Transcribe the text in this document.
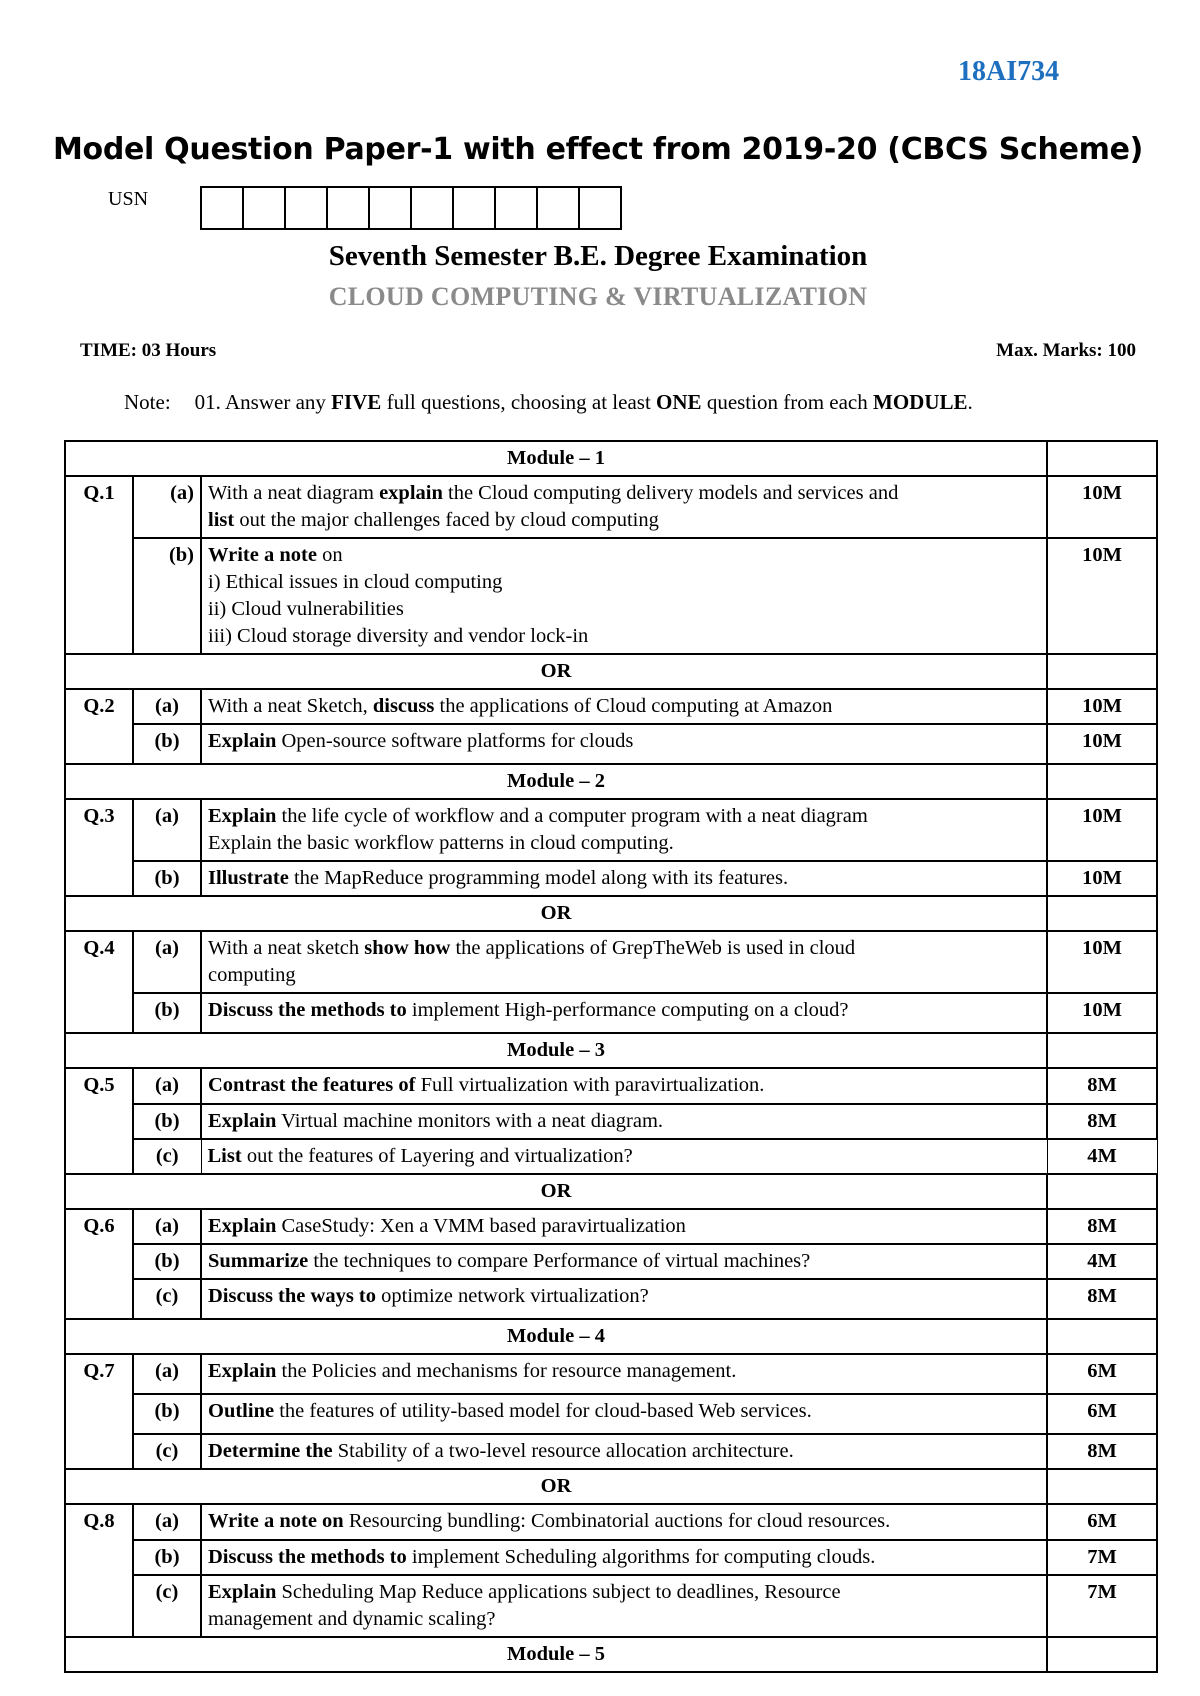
18AI734
Model Question Paper-1 with effect from 2019-20 (CBCS Scheme)
USN
Seventh Semester B.E. Degree Examination
CLOUD COMPUTING & VIRTUALIZATION
TIME: 03 Hours	Max. Marks: 100
Note: 01. Answer any FIVE full questions, choosing at least ONE question from each MODULE.
Module – 1			
Q.1	(a)	With a neat diagram explain the Cloud computing delivery models and services and
list out the major challenges faced by cloud computing	10M
	(b)	Write a note on
i) Ethical issues in cloud computing
ii) Cloud vulnerabilities
iii) Cloud storage diversity and vendor lock-in	10M
OR			
Q.2	(a)	With a neat Sketch, discuss the applications of Cloud computing at Amazon	10M
	(b)	Explain Open-source software platforms for clouds	10M
Module – 2			
Q.3	(a)	Explain the life cycle of workflow and a computer program with a neat diagram
Explain the basic workflow patterns in cloud computing.	10M
	(b)	Illustrate the MapReduce programming model along with its features.	10M
OR			
Q.4	(a)	With a neat sketch show how the applications of GrepTheWeb is used in cloud
computing	10M
	(b)	Discuss the methods to implement High-performance computing on a cloud?	10M
Module – 3			
Q.5	(a)	Contrast the features of Full virtualization with paravirtualization.	8M
	(b)	Explain Virtual machine monitors with a neat diagram.	8M
	(c)	List out the features of Layering and virtualization?	4M
OR			
Q.6	(a)	Explain CaseStudy: Xen a VMM based paravirtualization	8M
	(b)	Summarize the techniques to compare Performance of virtual machines?	4M
	(c)	Discuss the ways to optimize network virtualization?	8M
Module – 4			
Q.7	(a)	Explain the Policies and mechanisms for resource management.	6M
	(b)	Outline the features of utility-based model for cloud-based Web services.	6M
	(c)	Determine the Stability of a two-level resource allocation architecture.	8M
OR			
Q.8	(a)	Write a note on Resourcing bundling: Combinatorial auctions for cloud resources.	6M
	(b)	Discuss the methods to implement Scheduling algorithms for computing clouds.	7M
	(c)	Explain Scheduling Map Reduce applications subject to deadlines, Resource
management and dynamic scaling?	7M
Module – 5			
